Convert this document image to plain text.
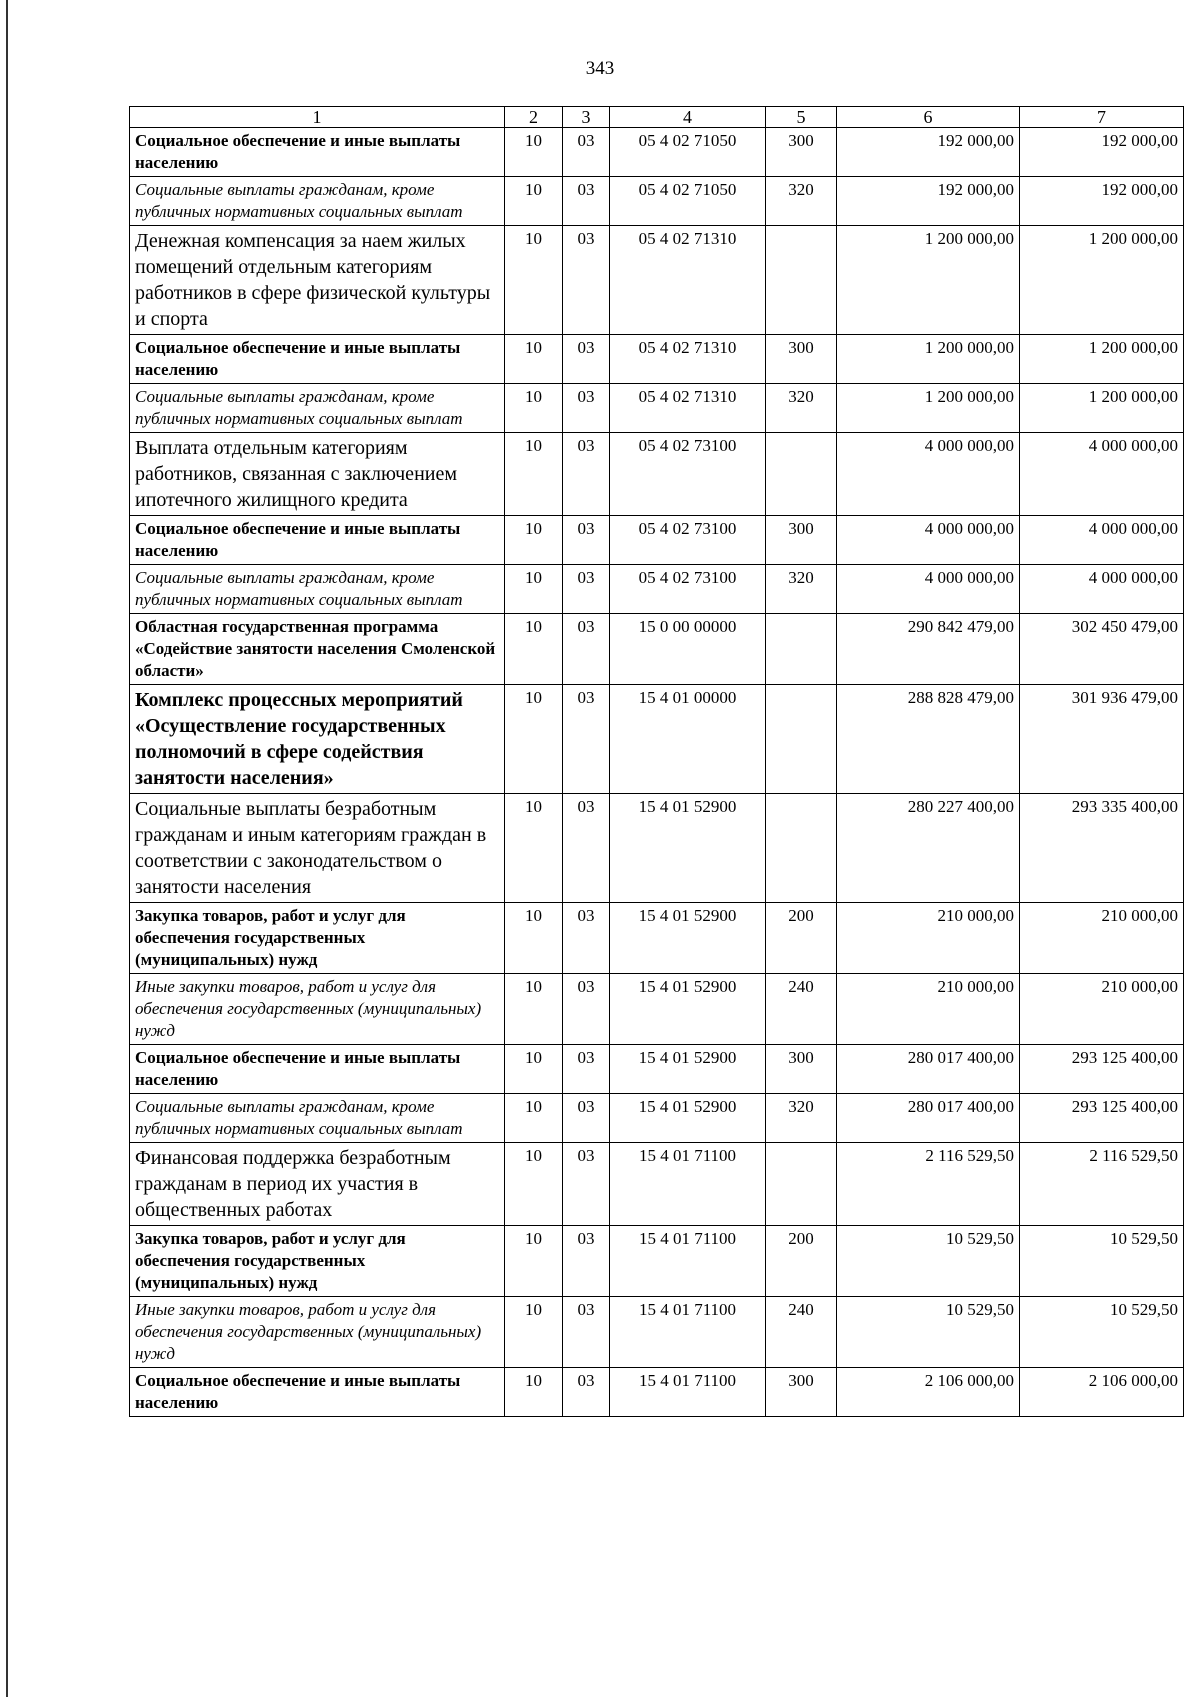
343
1	2	3	4	5	6	7
Социальное обеспечение и иные выплаты населению	10	03	05 4 02 71050	300	192 000,00	192 000,00
Социальные выплаты гражданам, кроме публичных нормативных социальных выплат	10	03	05 4 02 71050	320	192 000,00	192 000,00
Денежная компенсация за наем жилых помещений отдельным категориям работников в сфере физической культуры и спорта	10	03	05 4 02 71310		1 200 000,00	1 200 000,00
Социальное обеспечение и иные выплаты населению	10	03	05 4 02 71310	300	1 200 000,00	1 200 000,00
Социальные выплаты гражданам, кроме публичных нормативных социальных выплат	10	03	05 4 02 71310	320	1 200 000,00	1 200 000,00
Выплата отдельным категориям работников, связанная с заключением ипотечного жилищного кредита	10	03	05 4 02 73100		4 000 000,00	4 000 000,00
Социальное обеспечение и иные выплаты населению	10	03	05 4 02 73100	300	4 000 000,00	4 000 000,00
Социальные выплаты гражданам, кроме публичных нормативных социальных выплат	10	03	05 4 02 73100	320	4 000 000,00	4 000 000,00
Областная государственная программа «Содействие занятости населения Смоленской области»	10	03	15 0 00 00000		290 842 479,00	302 450 479,00
Комплекс процессных мероприятий «Осуществление государственных полномочий в сфере содействия занятости населения»	10	03	15 4 01 00000		288 828 479,00	301 936 479,00
Социальные выплаты безработным гражданам и иным категориям граждан в соответствии с законодательством о занятости населения	10	03	15 4 01 52900		280 227 400,00	293 335 400,00
Закупка товаров, работ и услуг для обеспечения государственных (муниципальных) нужд	10	03	15 4 01 52900	200	210 000,00	210 000,00
Иные закупки товаров, работ и услуг для обеспечения государственных (муниципальных) нужд	10	03	15 4 01 52900	240	210 000,00	210 000,00
Социальное обеспечение и иные выплаты населению	10	03	15 4 01 52900	300	280 017 400,00	293 125 400,00
Социальные выплаты гражданам, кроме публичных нормативных социальных выплат	10	03	15 4 01 52900	320	280 017 400,00	293 125 400,00
Финансовая поддержка безработным гражданам в период их участия в общественных работах	10	03	15 4 01 71100		2 116 529,50	2 116 529,50
Закупка товаров, работ и услуг для обеспечения государственных (муниципальных) нужд	10	03	15 4 01 71100	200	10 529,50	10 529,50
Иные закупки товаров, работ и услуг для обеспечения государственных (муниципальных) нужд	10	03	15 4 01 71100	240	10 529,50	10 529,50
Социальное обеспечение и иные выплаты населению	10	03	15 4 01 71100	300	2 106 000,00	2 106 000,00
